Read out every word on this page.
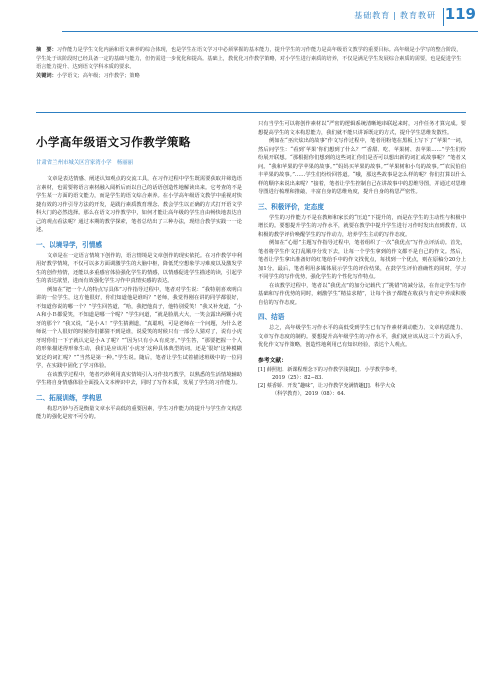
基础教育 | 教育教研 119
摘　要：习作能力是学生文化内涵和语文素养的综合体现，也是学生在语文学习中必须掌握的基本能力，提升学生的习作能力是高年级语文教学的重要目标。高年级是小学写的整合阶段，学生处于该阶段时已经具备一定的基础与能力，但仍需进一步优化和提高。基础上，教优化习作教学策略，对小学生进行素质的培养，不仅是满足学生发展综合素质的需要，也是促进学生语言能力提升、达到语文学科本质的要求。
关键词：小学语文；高年级；习作教学；策略
小学高年级语文习作教学策略
甘肃省兰州市城关区宫家湾小学　杨丽丽

文章是表达情感、阐述认知观点的交流工具，在习作过程中学生既需要获取并筛选语言素材，也需要将语言素材融入阅析后而以自己的话语创造性地解读出来。它考查的不是学生某一方面的语文能力，而是学生的语文综合素养。在小学高年级语文教学中重视对快捷有效的习作引导方法的开发，是践行素质教育理念、教会学生以正确的方式打开语文学科大门的必然选择。那么在语文习作教学中，如何才能让高年级的学生自由畅快地表达自己的观点看法呢？通过本期的教学探索，笔者总结出了三种办法，现结合教学实践一一论述。

一、以境导学，引情感

文章是在一定语言情境下创作的，语言情境是文章创作的现实依托。在习作教学中利用好教学情境，不仅可以多方面调激学生的大脑中枢，降低凭空想象学习难度以及激发学生的创作热情，还能以多重感官体验强化学生的情感，以情感促进学生描述的读，引起学生的表达欲望，进而有效强化学生习作中真情实感的表达。

例如在“把一个人的特点写具体”习作指导过程中，笔者对学生说：“我特别喜欢明白讲的一位学生，这方他很好，你们知道他是谁吗？”老师，我觉得刚在讲的同学都很好，不知道你说的哪一个？”学生回答道，“哈，我把他真子，他特别爱笑！”我又补充道，“小Ａ和小Ｂ都爱笑，不知道是哪一个呢？”学生问道，“就是脸肌大大，一笑会露出两颗小虎牙的那个？”我又说，“是小Ａ！”学生猜测道，“真聪明，可是老师在一个问题，为什么老师说一个人很好的时候你们都猜不到是谁，说爱笑的时候只有一部分人猜对了，说有小虎牙时你们一下子就认定是小Ａ了呢？”“因为只有小Ａ有虎牙。”学生答，“那要把握一个人的形象描述得形象生动，我们是应该用‘小虎牙’这种具体典型的词，还是‘很好’这种模糊宽泛的词汇呢？”“当然是第一种。”学生说。随后，笔者让学生试着描述班级中的一位同学，在实践中固化了学习体验。

在该教学过程中，笔者巧妙利用真实情境引入习作技巧教学，以熟悉的生活情境辅助学生将自身情感体验全面投入文本辨识中去，同时了写作本质，发展了学生的习作能力。

二、拓展训练，学构思

构思巧妙与否是衡量文章水平高低的重要因素，学生习作能力的提升与学生作文构思能力的强化是密不可分的。

只有当学生可以将创作素材以“严密的逻辑系统清晰地串联起来时，习作任务才算完成。要想提高学生的文本构思能力，我们就不能只讲诉既定的方式，提升学生思维发散性。

例如在“巫庆炫出的故事”作文写作过程中，笔者用粉笔在黑板上写下了“苹果”一词，然后问学生：“看到‘苹果’你们想到了什么？”“香甜、吃、苹果树、表苹果……”学生们纷纷展开联想。“那根据你们想到的这些词汇你们是否可以想出新的词汇或故事呢？”笔者又问。“我和苹果的学苹果的故事。”“妈妈买苹果的故事。”“苹果树和小鸟的故事。”“农民伯伯丰苹果的故事。”……学生们纷纷回答道。“哦，那这些故事是怎么样的呢？你们打算以什么样的顺序来说出来呢？”接着，笔者让学生控制自己在讲故事中的思维导图，并通过对思维导图进行梳理和推敲，丰富自身的思维角度，提升自身的构思严密性。

三、积极评价，定态度

学生的习作能力不是在教师和家长的“压迫”下提升的，而是在学生的主动性与积极中增长的。要想提升学生的习作水平，就要在教学中提升学生进行习作时发出直到教育，以积极的教学评价唤醒学生的写作动力，培养学生主动的写作态度。

例如在“心愿”主题写作指导过程中，笔者组织了一次“我优点”写作点评活动。首先，笔者将学生作文打乱顺序分发下去，让每一个学生拿到的作文都不是自己的作文。然后，笔者让学生拿出准备好的红笔给手中的作文找优点，每找到一个优点，则在原稿分20分上加1分。最后，笔者利用多媒体展示学生的评价结果，在鼓学生评价准确性的同时，学习不同学生的写作优势，强化学生的个性化写作特点。

在该教学过程中，笔者以“我优点”的加分记载代了“挑错”的减分法，在肯定学生写作基础和写作优势的同时，刺激学生“精益求精”，让每个孩子都能在收获与肯定中养成积极自信的写作态度。

四、结语

总之，高年级学生习作水平的高低受到学生已有写作素材调动能力、文章构思能力、文章写作态度的制约。要想提升高年级学生的习作水平，我们就应该从这三个方面入手，优化作文写作策略，创造性地利用已有知识经验，表达个人观点。

参考文献：

[1] 薛照旭．新课程理念下的习作教学浅探[J]．小学教学参考，
2019（25）：82−83.

[2] 蔡香娇．开发“趣味”，让习作教学充满情趣[J]．科学大众
（科学教育），2019（08）：64.
